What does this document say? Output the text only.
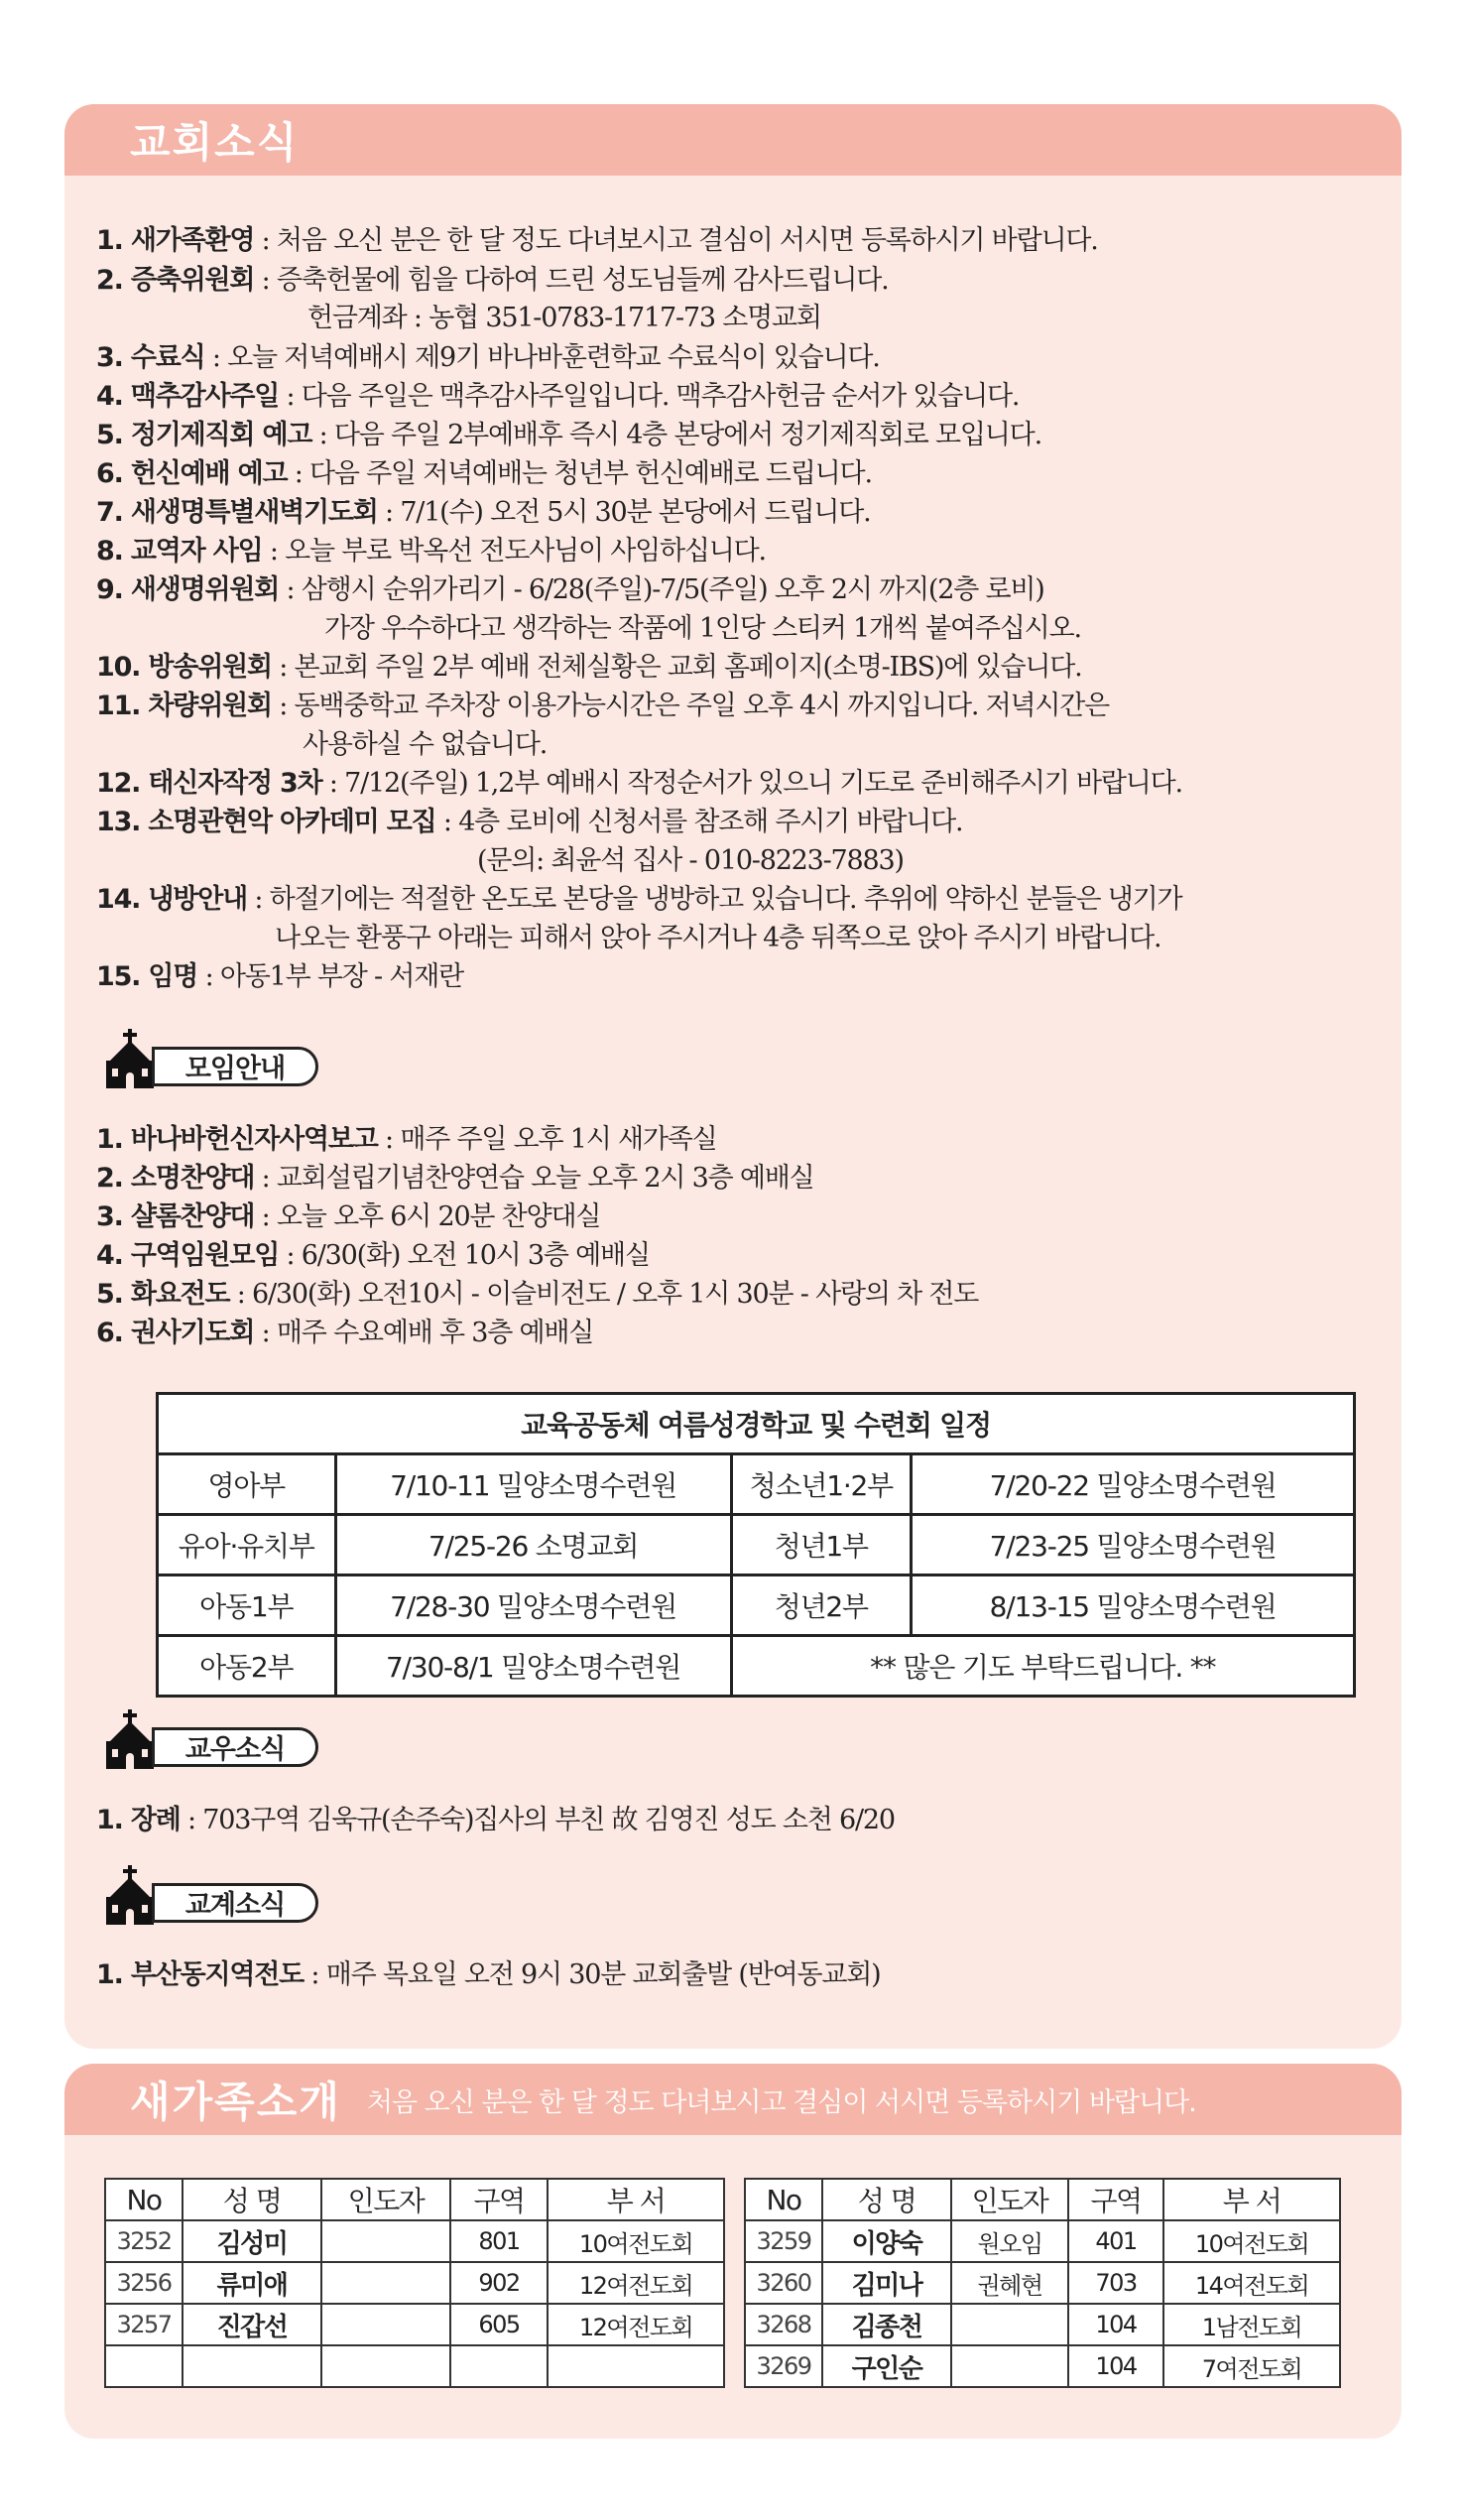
교회소식
1. 새가족환영 : 처음 오신 분은 한 달 정도 다녀보시고 결심이 서시면 등록하시기 바랍니다.
2. 증축위원회 : 증축헌물에 힘을 다하여 드린 성도님들께 감사드립니다.
헌금계좌 : 농협 351-0783-1717-73 소명교회
3. 수료식 : 오늘 저녁예배시 제9기 바나바훈련학교 수료식이 있습니다.
4. 맥추감사주일 : 다음 주일은 맥추감사주일입니다. 맥추감사헌금 순서가 있습니다.
5. 정기제직회 예고 : 다음 주일 2부예배후 즉시 4층 본당에서 정기제직회로 모입니다.
6. 헌신예배 예고 : 다음 주일 저녁예배는 청년부 헌신예배로 드립니다.
7. 새생명특별새벽기도회 : 7/1(수) 오전 5시 30분 본당에서 드립니다.
8. 교역자 사임 : 오늘 부로 박옥선 전도사님이 사임하십니다.
9. 새생명위원회 : 삼행시 순위가리기 - 6/28(주일)-7/5(주일) 오후 2시 까지(2층 로비)
가장 우수하다고 생각하는 작품에 1인당 스티커 1개씩 붙여주십시오.
10. 방송위원회 : 본교회 주일 2부 예배 전체실황은 교회 홈페이지(소명-IBS)에 있습니다.
11. 차량위원회 : 동백중학교 주차장 이용가능시간은 주일 오후 4시 까지입니다. 저녁시간은
사용하실 수 없습니다.
12. 태신자작정 3차 : 7/12(주일) 1,2부 예배시 작정순서가 있으니 기도로 준비해주시기 바랍니다.
13. 소명관현악 아카데미 모집 : 4층 로비에 신청서를 참조해 주시기 바랍니다.
(문의: 최윤석 집사 - 010-8223-7883)
14. 냉방안내 : 하절기에는 적절한 온도로 본당을 냉방하고 있습니다. 추위에 약하신 분들은 냉기가
나오는 환풍구 아래는 피해서 앉아 주시거나 4층 뒤쪽으로 앉아 주시기 바랍니다.
15. 임명 : 아동1부 부장 - 서재란
모임안내
1. 바나바헌신자사역보고 : 매주 주일 오후 1시 새가족실
2. 소명찬양대 : 교회설립기념찬양연습 오늘 오후 2시 3층 예배실
3. 샬롬찬양대 : 오늘 오후 6시 20분 찬양대실
4. 구역임원모임 : 6/30(화) 오전 10시 3층 예배실
5. 화요전도 : 6/30(화) 오전10시 - 이슬비전도 / 오후 1시 30분 - 사랑의 차 전도
6. 권사기도회 : 매주 수요예배 후 3층 예배실
교육공동체 여름성경학교 및 수련회 일정			
영아부	7/10-11 밀양소명수련원	청소년1·2부	7/20-22 밀양소명수련원
유아·유치부	7/25-26 소명교회	청년1부	7/23-25 밀양소명수련원
아동1부	7/28-30 밀양소명수련원	청년2부	8/13-15 밀양소명수련원
아동2부	7/30-8/1 밀양소명수련원	** 많은 기도 부탁드립니다. **	
교우소식
1. 장례 : 703구역 김욱규(손주숙)집사의 부친 故 김영진 성도 소천 6/20
교계소식
1. 부산동지역전도 : 매주 목요일 오전 9시 30분 교회출발 (반여동교회)
새가족소개 처음 오신 분은 한 달 정도 다녀보시고 결심이 서시면 등록하시기 바랍니다.
No	성 명	인도자	구역	부 서
3252	김성미		801	10여전도회
3256	류미애		902	12여전도회
3257	진갑선		605	12여전도회

No	성 명	인도자	구역	부 서
3259	이양숙	원오임	401	10여전도회
3260	김미나	권혜현	703	14여전도회
3268	김종천		104	1남전도회
3269	구인순		104	7여전도회
